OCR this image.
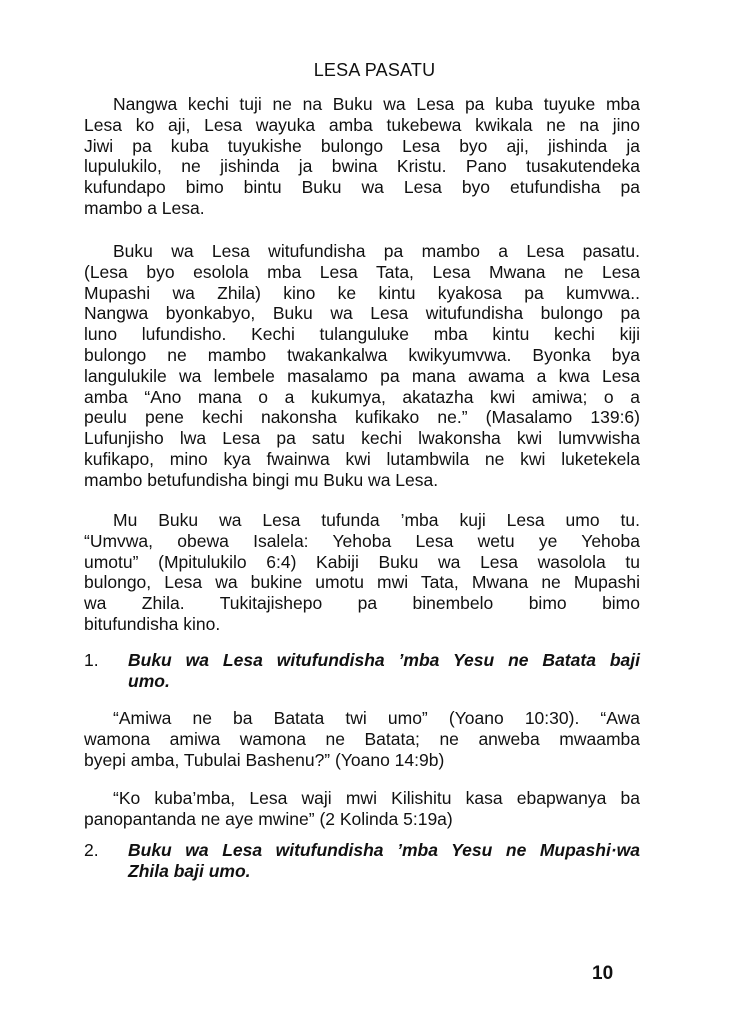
LESA PASATU
Nangwa kechi tuji ne na Buku wa Lesa pa kuba tuyuke mba
Lesa ko aji, Lesa wayuka amba tukebewa kwikala ne na jino
Jiwi pa kuba tuyukishe bulongo Lesa byo aji, jishinda ja
lupulukilo, ne jishinda ja bwina Kristu. Pano tusakutendeka
kufundapo bimo bintu Buku wa Lesa byo etufundisha pa
mambo a Lesa.
Buku wa Lesa witufundisha pa mambo a Lesa pasatu.
(Lesa byo esolola mba Lesa Tata, Lesa Mwana ne Lesa
Mupashi wa Zhila) kino ke kintu kyakosa pa kumvwa..
Nangwa byonkabyo, Buku wa Lesa witufundisha bulongo pa
luno lufundisho. Kechi tulanguluke mba kintu kechi kiji
bulongo ne mambo twakankalwa kwikyumvwa. Byonka bya
langulukile wa lembele masalamo pa mana awama a kwa Lesa
amba “Ano mana o a kukumya, akatazha kwi amiwa; o a
peulu pene kechi nakonsha kufikako ne.” (Masalamo 139:6)
Lufunjisho lwa Lesa pa satu kechi lwakonsha kwi lumvwisha
kufikapo, mino kya fwainwa kwi lutambwila ne kwi luketekela
mambo betufundisha bingi mu Buku wa Lesa.
Mu Buku wa Lesa tufunda ’mba kuji Lesa umo tu.
“Umvwa, obewa Isalela: Yehoba Lesa wetu ye Yehoba
umotu” (Mpitulukilo 6:4) Kabiji Buku wa Lesa wasolola tu
bulongo, Lesa wa bukine umotu mwi Tata, Mwana ne Mupashi
wa Zhila. Tukitajishepo pa binembelo bimo bimo
bitufundisha kino.
1. Buku wa Lesa witufundisha ’mba Yesu ne Batata baji
umo.
“Amiwa ne ba Batata twi umo” (Yoano 10:30). “Awa
wamona amiwa wamona ne Batata; ne anweba mwaamba
byepi amba, Tubulai Bashenu?” (Yoano 14:9b)
“Ko kuba’mba, Lesa waji mwi Kilishitu kasa ebapwanya ba
panopantanda ne aye mwine” (2 Kolinda 5:19a)
2. Buku wa Lesa witufundisha ’mba Yesu ne Mupashi·wa
Zhila baji umo.
10
